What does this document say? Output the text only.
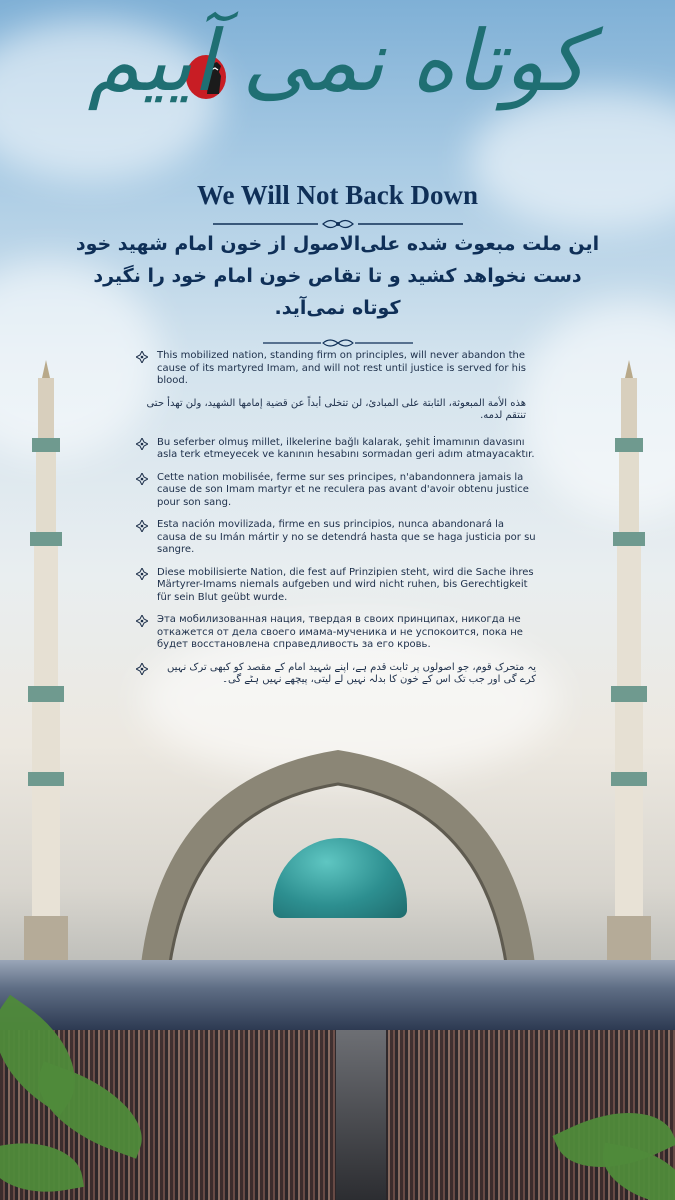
کوتاه نمی آییم
We Will Not Back Down
این ملت مبعوث شده علی‌الاصول از خون امام شهید خود
دست نخواهد کشید و تا تقاص خون امام خود را نگیرد
کوتاه نمی‌آید.
This mobilized nation, standing firm on principles, will never abandon the cause of its martyred Imam, and will not rest until justice is served for his blood.
هذه الأمة المبعوثة، الثابتة على المبادئ، لن تتخلى أبداً عن قضية إمامها الشهيد، ولن تهدأ حتى تنتقم لدمه.
Bu seferber olmuş millet, ilkelerine bağlı kalarak, şehit İmamının davasını asla terk etmeyecek ve kanının hesabını sormadan geri adım atmayacaktır.
Cette nation mobilisée, ferme sur ses principes, n'abandonnera jamais la cause de son Imam martyr et ne reculera pas avant d'avoir obtenu justice pour son sang.
Esta nación movilizada, firme en sus principios, nunca abandonará la causa de su Imán mártir y no se detendrá hasta que se haga justicia por su sangre.
Diese mobilisierte Nation, die fest auf Prinzipien steht, wird die Sache ihres Märtyrer-Imams niemals aufgeben und wird nicht ruhen, bis Gerechtigkeit für sein Blut geübt wurde.
Эта мобилизованная нация, твердая в своих принципах, никогда не откажется от дела своего имама-мученика и не успокоится, пока не будет восстановлена справедливость за его кровь.
یہ متحرک قوم، جو اصولوں پر ثابت قدم ہے، اپنے شہید امام کے مقصد کو کبھی ترک نہیں کرے گی اور جب تک اس کے خون کا بدلہ نہیں لے لیتی، پیچھے نہیں ہٹے گی۔
